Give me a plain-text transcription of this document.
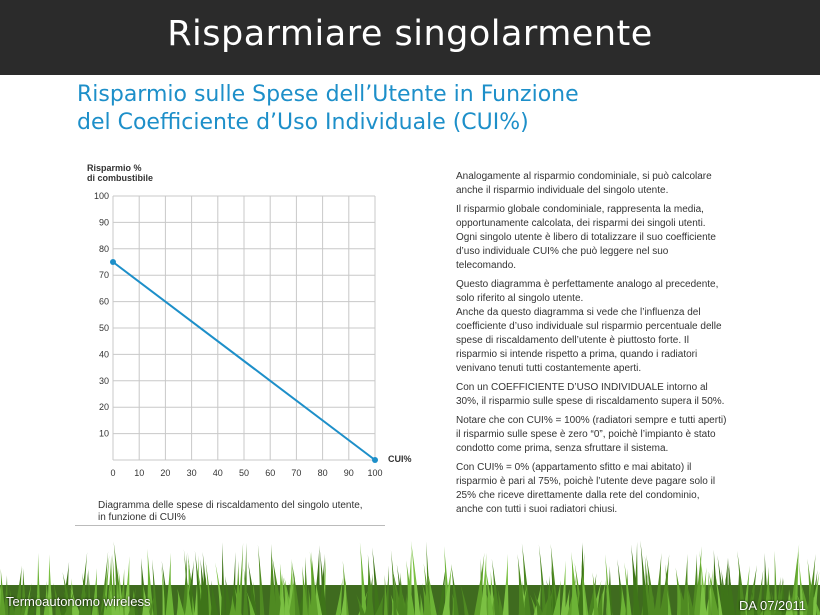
Risparmiare singolarmente
Risparmio sulle Spese dell’Utente in Funzione
del Coefficiente d’Uso Individuale (CUI%)
Risparmio %
di combustibile
10
20
30
40
50
60
70
80
90
100
0 10 20 30 40 50 60 70 80 90 100
CUI%
Diagramma delle spese di riscaldamento del singolo utente,
in funzione di CUI%

Analogamente al risparmio condominiale, si può calcolare anche il risparmio individuale del singolo utente.

Il risparmio globale condominiale, rappresenta la media, opportunamente calcolata, dei risparmi dei singoli utenti. Ogni singolo utente è libero di totalizzare il suo coefficiente d’uso individuale CUI% che può leggere nel suo telecomando.

Questo diagramma è perfettamente analogo al precedente, solo riferito al singolo utente.

Anche da questo diagramma si vede che l’influenza del coefficiente d’uso individuale sul risparmio percentuale delle spese di riscaldamento dell’utente è piuttosto forte. Il risparmio si intende rispetto a prima, quando i radiatori venivano tenuti tutti costantemente aperti.

Con un COEFFICIENTE D’USO INDIVIDUALE intorno al 30%, il risparmio sulle spese di riscaldamento supera il 50%.

Notare che con CUI% = 100% (radiatori sempre e tutti aperti) il risparmio sulle spese è zero “0”, poichè l’impianto è stato condotto come prima, senza sfruttare il sistema.

Con CUI% = 0% (appartamento sfitto e mai abitato) il risparmio è pari al 75%, poichè l’utente deve pagare solo il 25% che riceve direttamente dalla rete del condominio, anche con tutti i suoi radiatori chiusi.

Termoautonomo wireless	DA 07/2011
